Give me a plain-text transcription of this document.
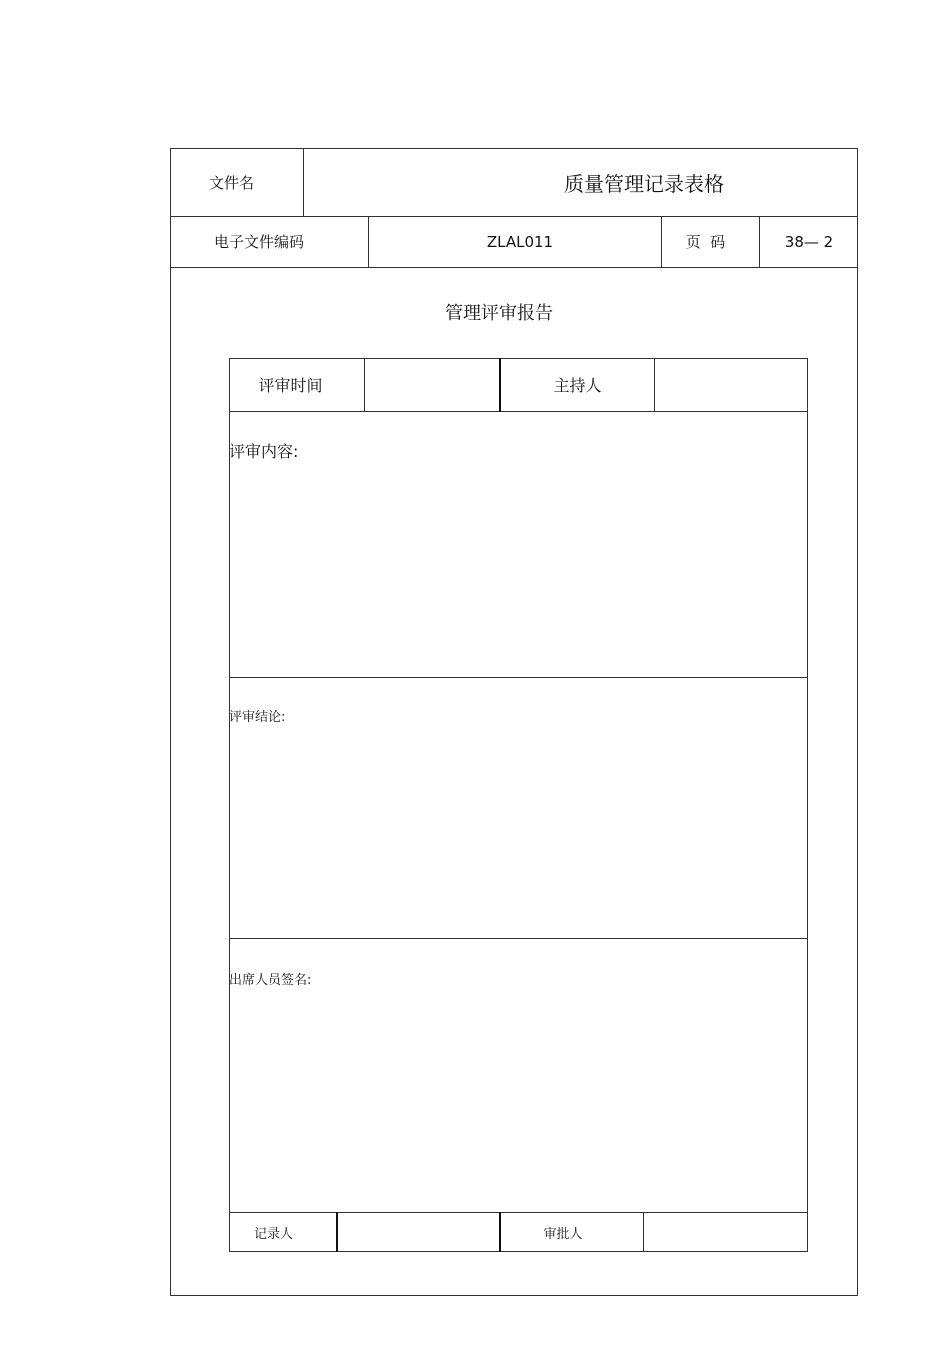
文件名	质量管理记录表格
电子文件编码	ZLAL011	页  码	38— 2
管理评审报告
评审时间	主持人
评审内容:
评审结论:
出席人员签名:
记录人	审批人
